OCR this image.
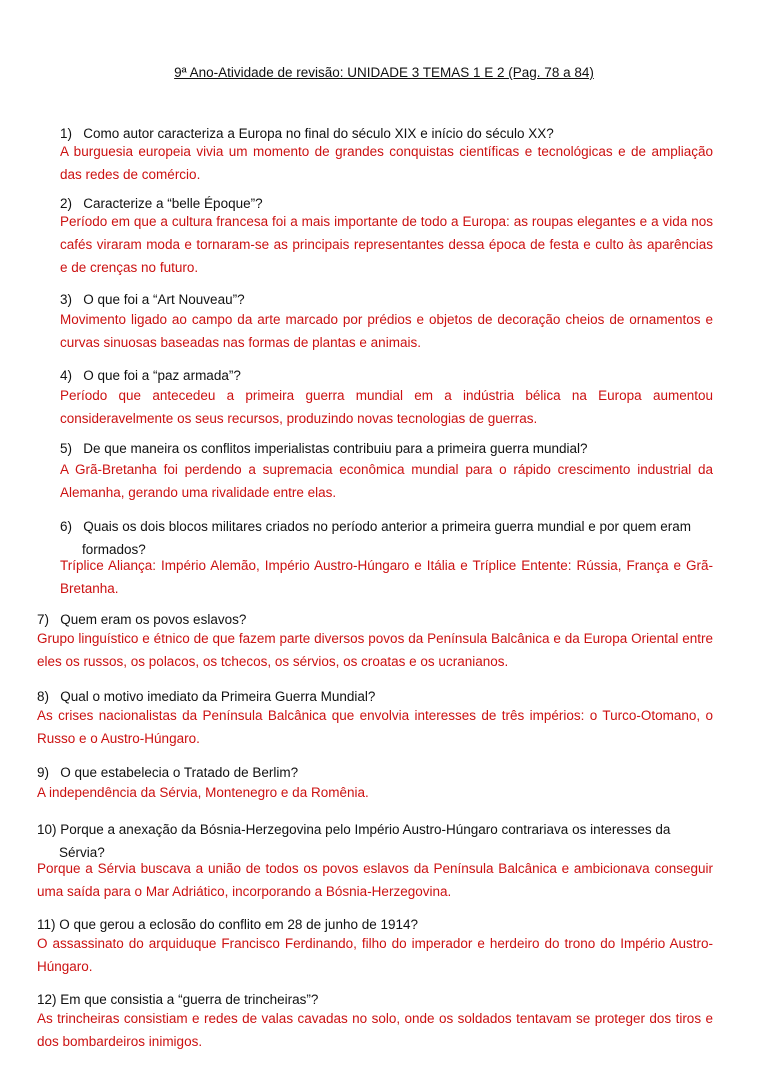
9ª Ano-Atividade de revisão: UNIDADE 3 TEMAS 1 E 2 (Pag. 78 a 84)
1)   Como autor caracteriza a Europa no final do século XIX e início do século XX?
A burguesia europeia vivia um momento de grandes conquistas científicas e tecnológicas e de ampliação das redes de comércio.
2)   Caracterize a “belle Époque”?
Período em que a cultura francesa foi a mais importante de todo a Europa: as roupas elegantes e a vida nos cafés viraram moda e tornaram-se as principais representantes dessa época de festa e culto às aparências e de crenças no futuro.
3)   O que foi a “Art Nouveau”?
Movimento ligado ao campo da arte marcado por prédios e objetos de decoração cheios de ornamentos e curvas sinuosas baseadas nas formas de plantas e animais.
4)   O que foi a “paz armada”?
Período que antecedeu a primeira guerra mundial em a indústria bélica na Europa aumentou consideravelmente os seus recursos, produzindo novas tecnologias de guerras.
5)   De que maneira os conflitos imperialistas contribuiu para a primeira guerra mundial?
A Grã-Bretanha foi perdendo a supremacia econômica mundial para o rápido crescimento industrial da Alemanha, gerando uma rivalidade entre elas.
6)   Quais os dois blocos militares criados no período anterior a primeira guerra mundial e por quem eram formados?
Tríplice Aliança: Império Alemão, Império Austro-Húngaro e Itália e Tríplice Entente: Rússia, França e Grã-Bretanha.
7)   Quem eram os povos eslavos?
Grupo linguístico e étnico de que fazem parte diversos povos da Península Balcânica e da Europa Oriental entre eles os russos, os polacos, os tchecos, os sérvios, os croatas e os ucranianos.
8)   Qual o motivo imediato da Primeira Guerra Mundial?
As crises nacionalistas da Península Balcânica que envolvia interesses de três impérios: o Turco-Otomano, o Russo e o Austro-Húngaro.
9)   O que estabelecia o Tratado de Berlim?
A independência da Sérvia, Montenegro e da Romênia.
10) Porque a anexação da Bósnia-Herzegovina pelo Império Austro-Húngaro contrariava os interesses da Sérvia?
Porque a Sérvia buscava a união de todos os povos eslavos da Península Balcânica e ambicionava conseguir uma saída para o Mar Adriático, incorporando a Bósnia-Herzegovina.
11) O que gerou a eclosão do conflito em 28 de junho de 1914?
O assassinato do arquiduque Francisco Ferdinando, filho do imperador e herdeiro do trono do Império Austro-Húngaro.
12) Em que consistia a “guerra de trincheiras”?
As trincheiras consistiam e redes de valas cavadas no solo, onde os soldados tentavam se proteger dos tiros e dos bombardeiros inimigos.
